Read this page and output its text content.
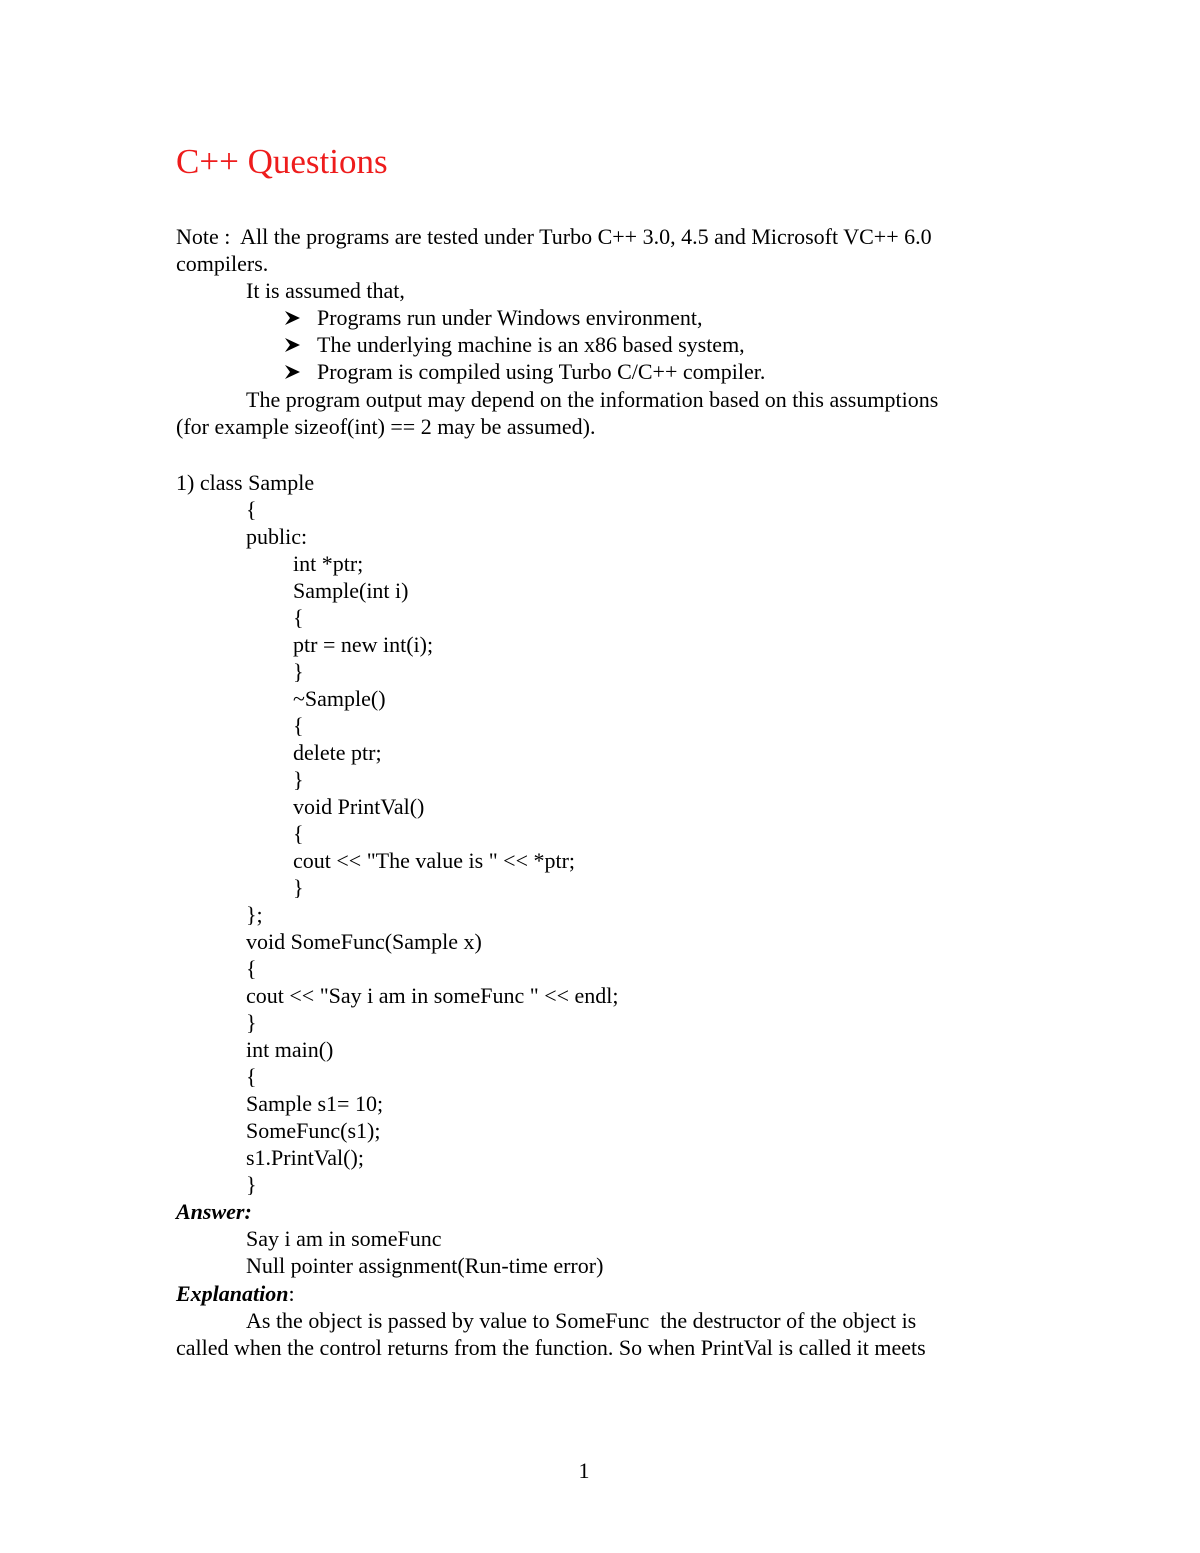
C++ Questions
Note :  All the programs are tested under Turbo C++ 3.0, 4.5 and Microsoft VC++ 6.0
compilers.
It is assumed that,
Programs run under Windows environment,
The underlying machine is an x86 based system,
Program is compiled using Turbo C/C++ compiler.
The program output may depend on the information based on this assumptions
(for example sizeof(int) == 2 may be assumed).
1) class Sample
{
public:
int *ptr;
Sample(int i)
{
ptr = new int(i);
}
~Sample()
{
delete ptr;
}
void PrintVal()
{
cout << "The value is " << *ptr;
}
};
void SomeFunc(Sample x)
{
cout << "Say i am in someFunc " << endl;
}
int main()
{
Sample s1= 10;
SomeFunc(s1);
s1.PrintVal();
}
Answer:
Say i am in someFunc
Null pointer assignment(Run-time error)
Explanation:
As the object is passed by value to SomeFunc  the destructor of the object is
called when the control returns from the function. So when PrintVal is called it meets
1
